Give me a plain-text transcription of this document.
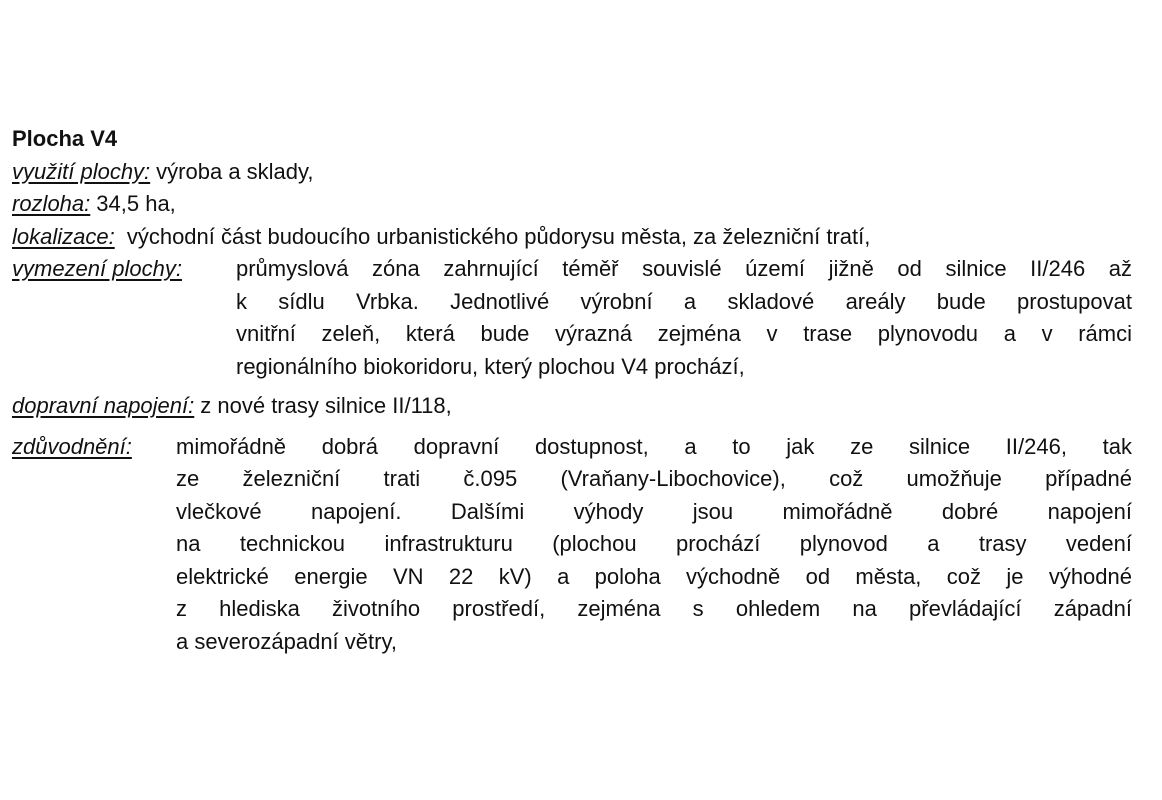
Plocha V4
využití plochy: výroba a sklady,
rozloha: 34,5 ha,
lokalizace: východní část budoucího urbanistického půdorysu města, za železniční tratí,
vymezení plochy:	průmyslová zóna zahrnující téměř souvislé území jižně od silnice II/246 až
k sídlu Vrbka. Jednotlivé výrobní a skladové areály bude prostupovat
vnitřní zeleň, která bude výrazná zejména v trase plynovodu a v rámci
regionálního biokoridoru, který plochou V4 prochází,
dopravní napojení: z nové trasy silnice II/118,
zdůvodnění:	mimořádně dobrá dopravní dostupnost, a to jak ze silnice II/246, tak
ze železniční trati č.095 (Vraňany-Libochovice), což umožňuje případné
vlečkové napojení. Dalšími výhody jsou mimořádně dobré napojení
na technickou infrastrukturu (plochou prochází plynovod a trasy vedení
elektrické energie VN 22 kV) a poloha východně od města, což je výhodné
z hlediska životního prostředí, zejména s ohledem na převládající západní
a severozápadní větry,
